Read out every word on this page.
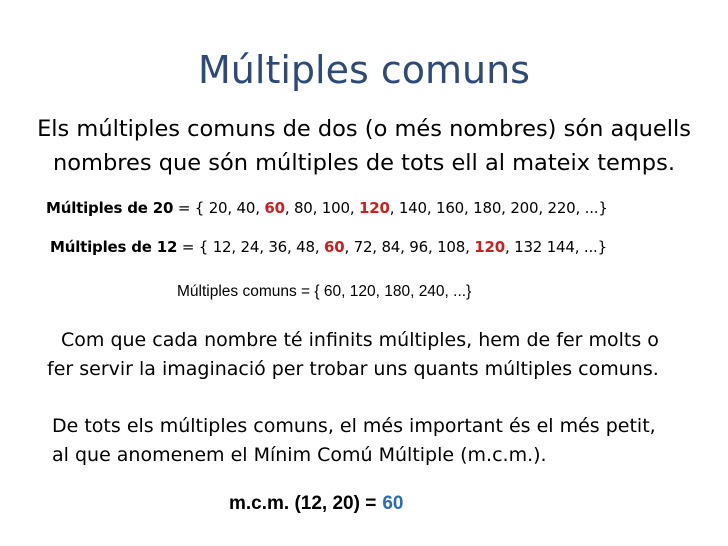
Múltiples comuns
Els múltiples comuns de dos (o més nombres) són aquells
nombres que són múltiples de tots ell al mateix temps.
Múltiples de 20 = { 20, 40, 60, 80, 100, 120, 140, 160, 180, 200, 220, ...}
Múltiples de 12 = { 12, 24, 36, 48, 60, 72, 84, 96, 108, 120, 132 144, ...}
Múltiples comuns = { 60, 120, 180, 240, ...}
Com que cada nombre té infinits múltiples, hem de fer molts o
fer servir la imaginació per trobar uns quants múltiples comuns.
De tots els múltiples comuns, el més important és el més petit,
al que anomenem el Mínim Comú Múltiple (m.c.m.).
m.c.m. (12, 20) = 60
